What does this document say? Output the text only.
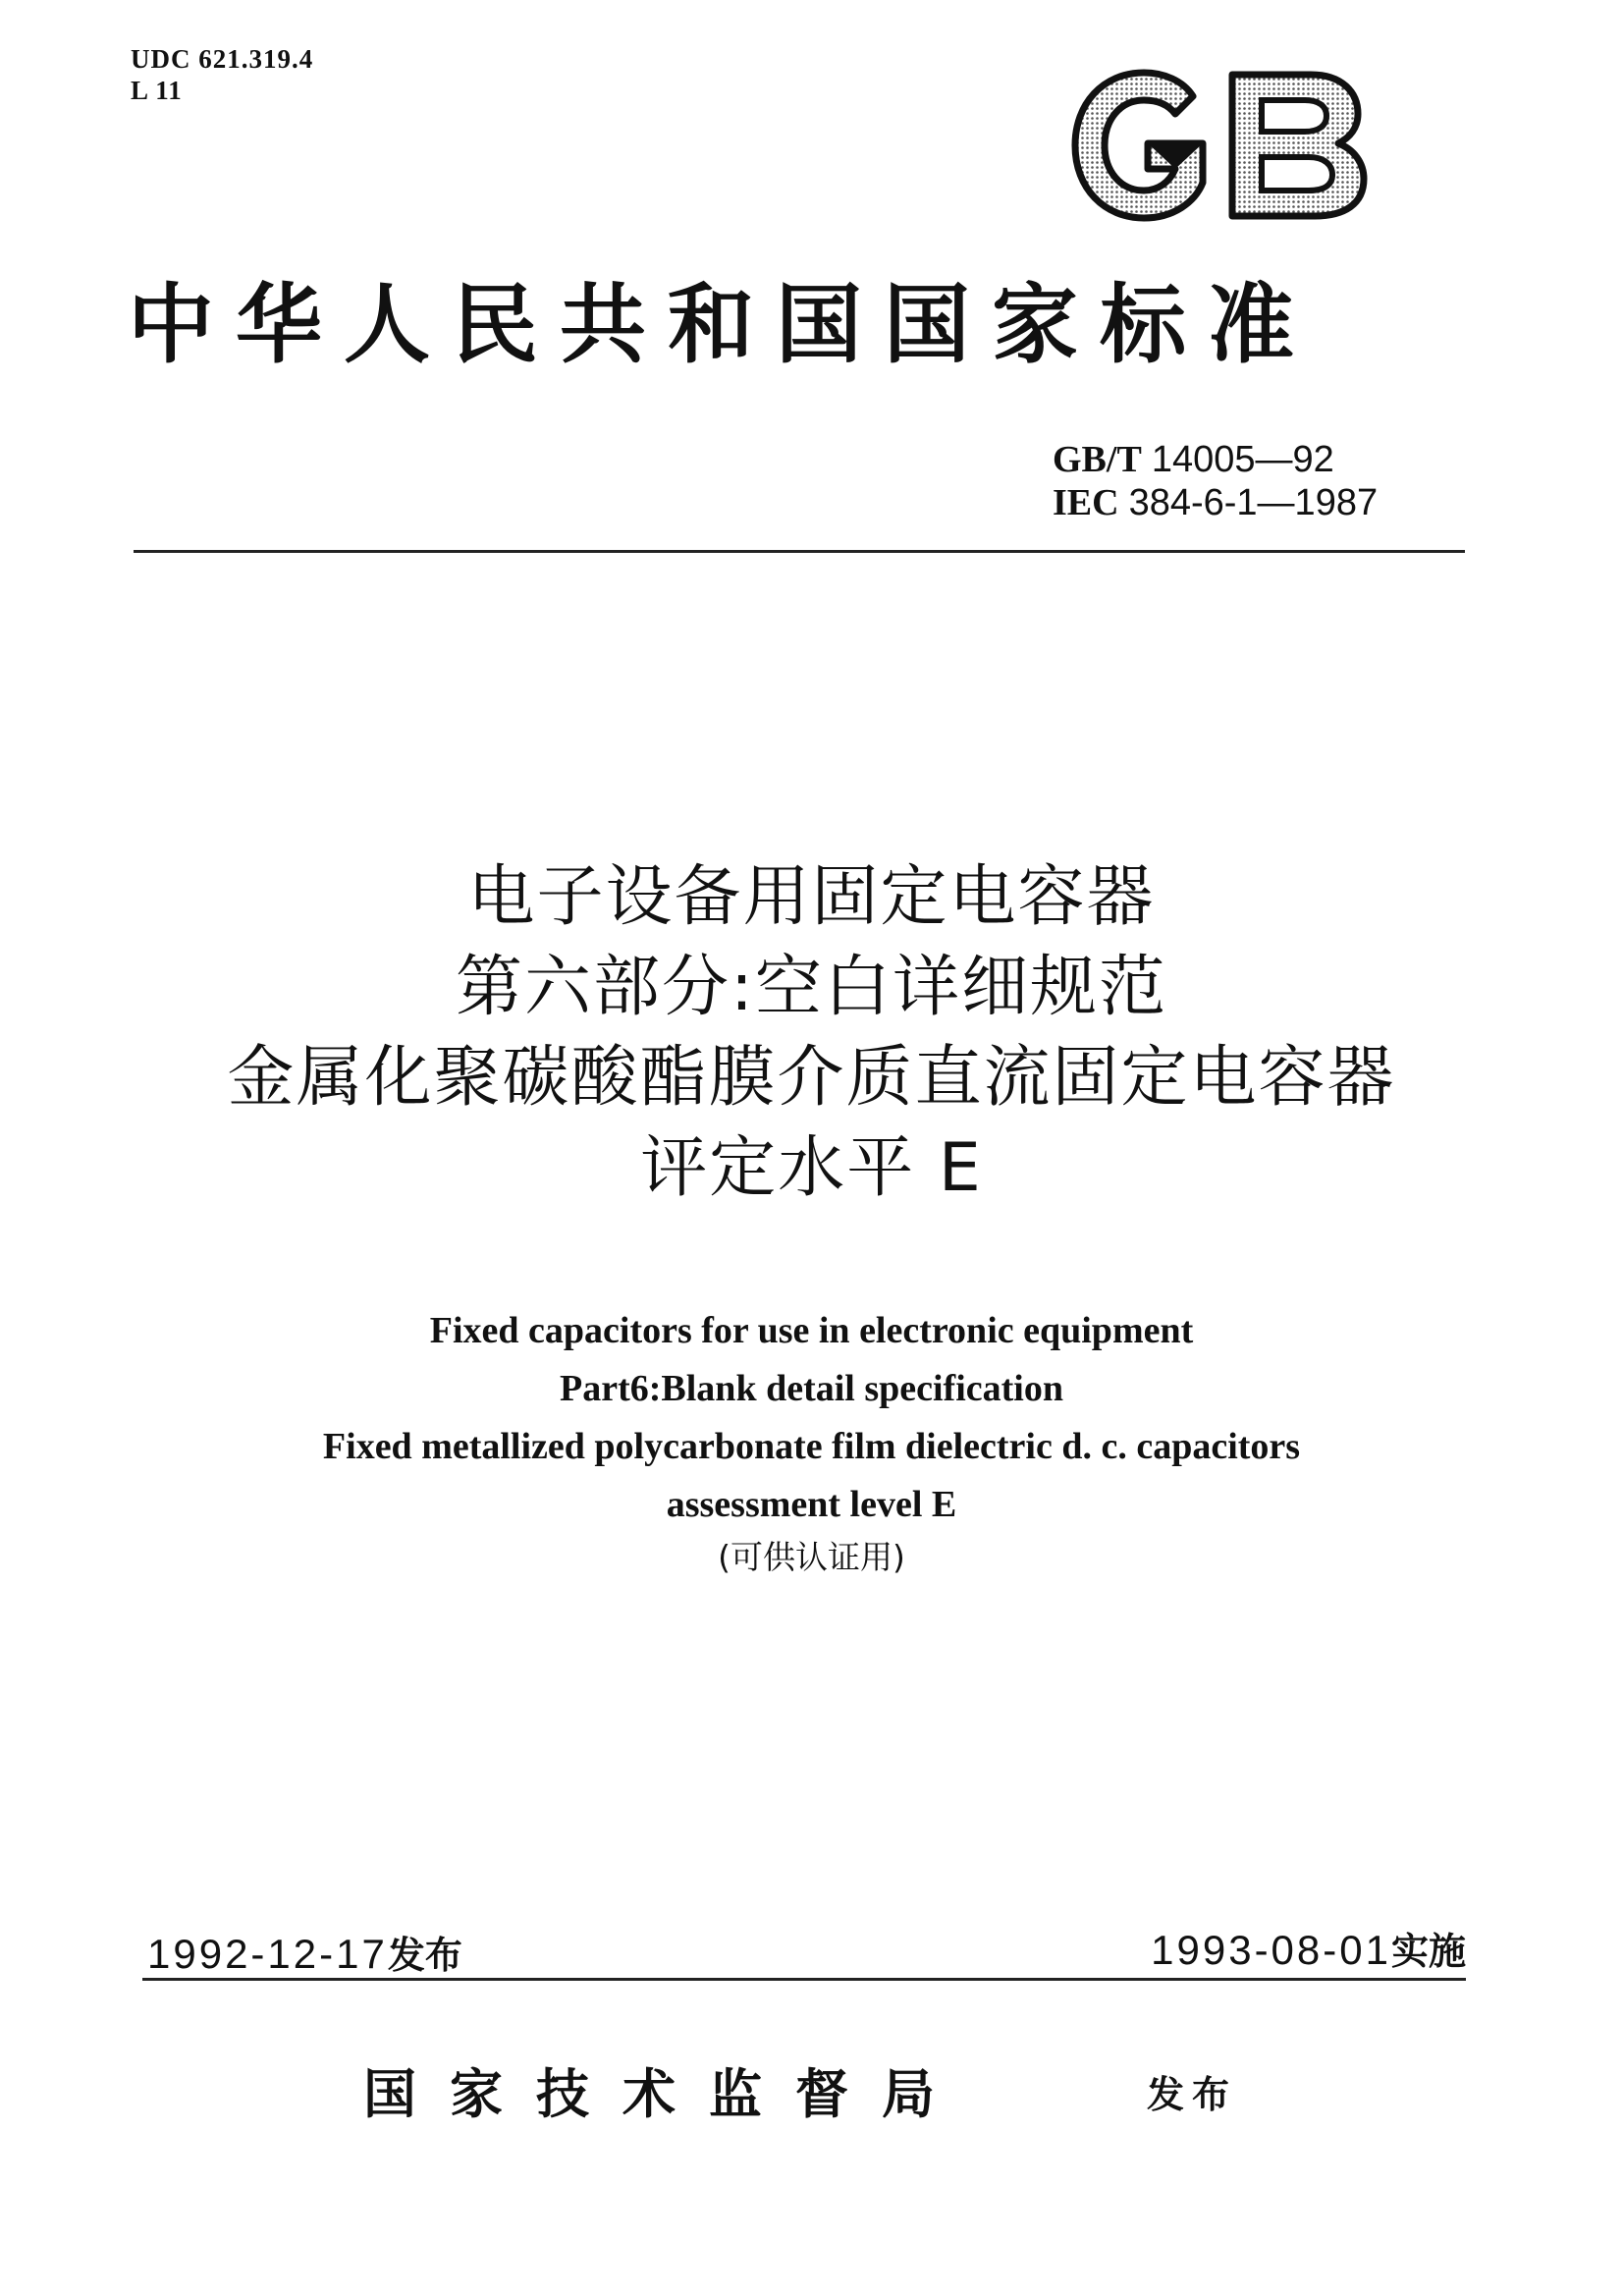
UDC 621.319.4
L 11
中华人民共和国国家标准
GB/T 14005—92
IEC 384-6-1—1987
电子设备用固定电容器
第六部分:空白详细规范
金属化聚碳酸酯膜介质直流固定电容器
评定水平 E
Fixed capacitors for use in electronic equipment
Part6:Blank detail specification
Fixed metallized polycarbonate film dielectric d. c. capacitors
assessment level E
(可供认证用)
1992-12-17发布	1993-08-01实施
国家技术监督局	发布
